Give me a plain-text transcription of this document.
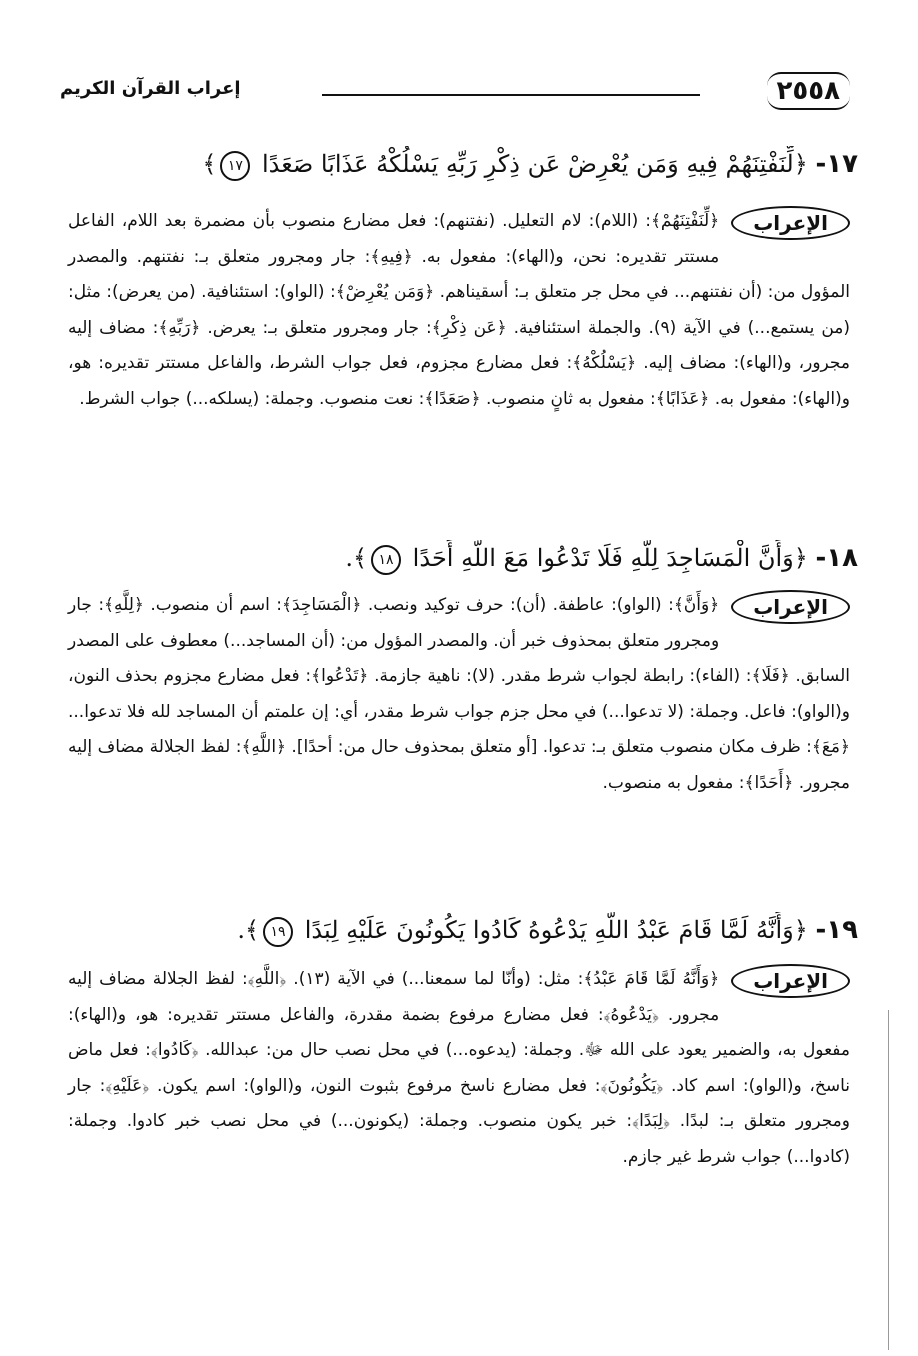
٢٥٥٨
إعراب القرآن الكريم
١٧- ﴿لِّنَفْتِنَهُمْ فِيهِ وَمَن يُعْرِضْ عَن ذِكْرِ رَبِّهِ يَسْلُكْهُ عَذَابًا صَعَدًا ١٧﴾
الإعراب
﴿لِّنَفْتِنَهُمْ﴾: (اللام): لام التعليل. (نفتنهم): فعل مضارع منصوب بأن مضمرة بعد اللام، الفاعل مستتر تقديره: نحن، و(الهاء): مفعول به. ﴿فِيهِ﴾: جار ومجرور متعلق بـ: نفتنهم. والمصدر المؤول من: (أن نفتنهم... في محل جر متعلق بـ: أسقيناهم. ﴿وَمَن يُعْرِضْ﴾: (الواو): استئنافية. (من يعرض): مثل: (من يستمع...) في الآية (٩). والجملة استئنافية. ﴿عَن ذِكْرِ﴾: جار ومجرور متعلق بـ: يعرض. ﴿رَبِّهِ﴾: مضاف إليه مجرور، و(الهاء): مضاف إليه. ﴿يَسْلُكْهُ﴾: فعل مضارع مجزوم، فعل جواب الشرط، والفاعل مستتر تقديره: هو، و(الهاء): مفعول به. ﴿عَذَابًا﴾: مفعول به ثانٍ منصوب. ﴿صَعَدًا﴾: نعت منصوب. وجملة: (يسلكه...) جواب الشرط.
١٨- ﴿وَأَنَّ الْمَسَاجِدَ لِلَّهِ فَلَا تَدْعُوا مَعَ اللَّهِ أَحَدًا ١٨﴾.
الإعراب
﴿وَأَنَّ﴾: (الواو): عاطفة. (أن): حرف توكيد ونصب. ﴿الْمَسَاجِدَ﴾: اسم أن منصوب. ﴿لِلَّهِ﴾: جار ومجرور متعلق بمحذوف خبر أن. والمصدر المؤول من: (أن المساجد...) معطوف على المصدر السابق. ﴿فَلَا﴾: (الفاء): رابطة لجواب شرط مقدر. (لا): ناهية جازمة. ﴿تَدْعُوا﴾: فعل مضارع مجزوم بحذف النون، و(الواو): فاعل. وجملة: (لا تدعوا...) في محل جزم جواب شرط مقدر، أي: إن علمتم أن المساجد لله فلا تدعوا... ﴿مَعَ﴾: ظرف مكان منصوب متعلق بـ: تدعوا. [أو متعلق بمحذوف حال من: أحدًا]. ﴿اللَّهِ﴾: لفظ الجلالة مضاف إليه مجرور. ﴿أَحَدًا﴾: مفعول به منصوب.
١٩- ﴿وَأَنَّهُ لَمَّا قَامَ عَبْدُ اللَّهِ يَدْعُوهُ كَادُوا يَكُونُونَ عَلَيْهِ لِبَدًا ١٩﴾.
الإعراب
﴿وَأَنَّهُ لَمَّا قَامَ عَبْدُ﴾: مثل: (وأنّا لما سمعنا...) في الآية (١٣). ﴿اللَّهِ﴾: لفظ الجلالة مضاف إليه مجرور. ﴿يَدْعُوهُ﴾: فعل مضارع مرفوع بضمة مقدرة، والفاعل مستتر تقديره: هو، و(الهاء): مفعول به، والضمير يعود على الله ﷻ. وجملة: (يدعوه...) في محل نصب حال من: عبدالله. ﴿كَادُوا﴾: فعل ماض ناسخ، و(الواو): اسم كاد. ﴿يَكُونُونَ﴾: فعل مضارع ناسخ مرفوع بثبوت النون، و(الواو): اسم يكون. ﴿عَلَيْهِ﴾: جار ومجرور متعلق بـ: لبدًا. ﴿لِبَدًا﴾: خبر يكون منصوب. وجملة: (يكونون...) في محل نصب خبر كادوا. وجملة: (كادوا...) جواب شرط غير جازم.
